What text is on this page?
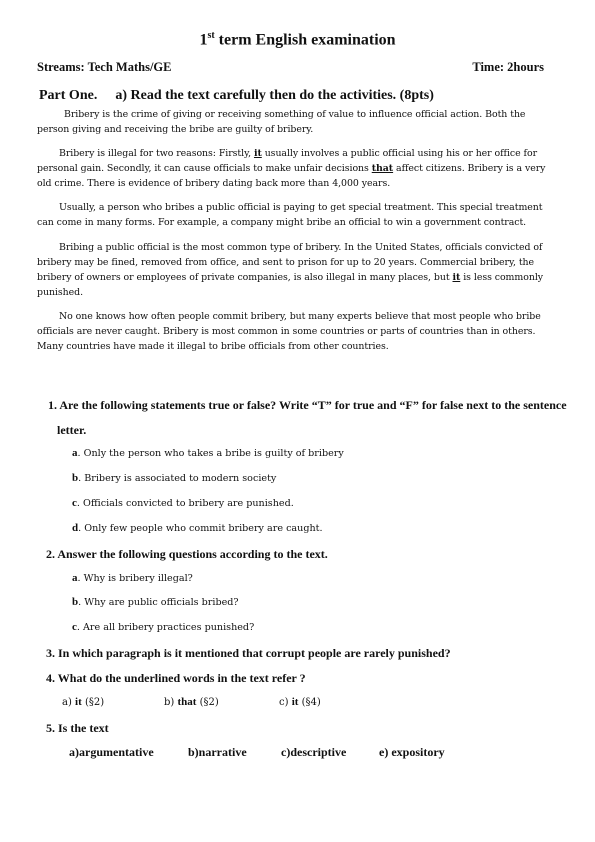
1st term English examination
Streams: Tech Maths/GE	Time: 2hours
Part One. a) Read the text carefully then do the activities. (8pts)

Bribery is the crime of giving or receiving something of value to influence official action. Both the person giving and receiving the bribe are guilty of bribery.

Bribery is illegal for two reasons: Firstly, it usually involves a public official using his or her office for personal gain. Secondly, it can cause officials to make unfair decisions that affect citizens. Bribery is a very old crime. There is evidence of bribery dating back more than 4,000 years.

Usually, a person who bribes a public official is paying to get special treatment. This special treatment can come in many forms. For example, a company might bribe an official to win a government contract.

Bribing a public official is the most common type of bribery. In the United States, officials convicted of bribery may be fined, removed from office, and sent to prison for up to 20 years. Commercial bribery, the bribery of owners or employees of private companies, is also illegal in many places, but it is less commonly punished.

No one knows how often people commit bribery, but many experts believe that most people who bribe officials are never caught. Bribery is most common in some countries or parts of countries than in others. Many countries have made it illegal to bribe officials from other countries.

1. Are the following statements true or false? Write “T” for true and “F” for false next to the sentence
letter.
a. Only the person who takes a bribe is guilty of bribery
b. Bribery is associated to modern society
c. Officials convicted to bribery are punished.
d. Only few people who commit bribery are caught.
2. Answer the following questions according to the text.
a. Why is bribery illegal?
b. Why are public officials bribed?
c. Are all bribery practices punished?
3. In which paragraph is it mentioned that corrupt people are rarely punished?
4. What do the underlined words in the text refer ?
a) it (§2)	b) that (§2)	c) it (§4)
5. Is the text
a)argumentative	b)narrative	c)descriptive	e) expository
